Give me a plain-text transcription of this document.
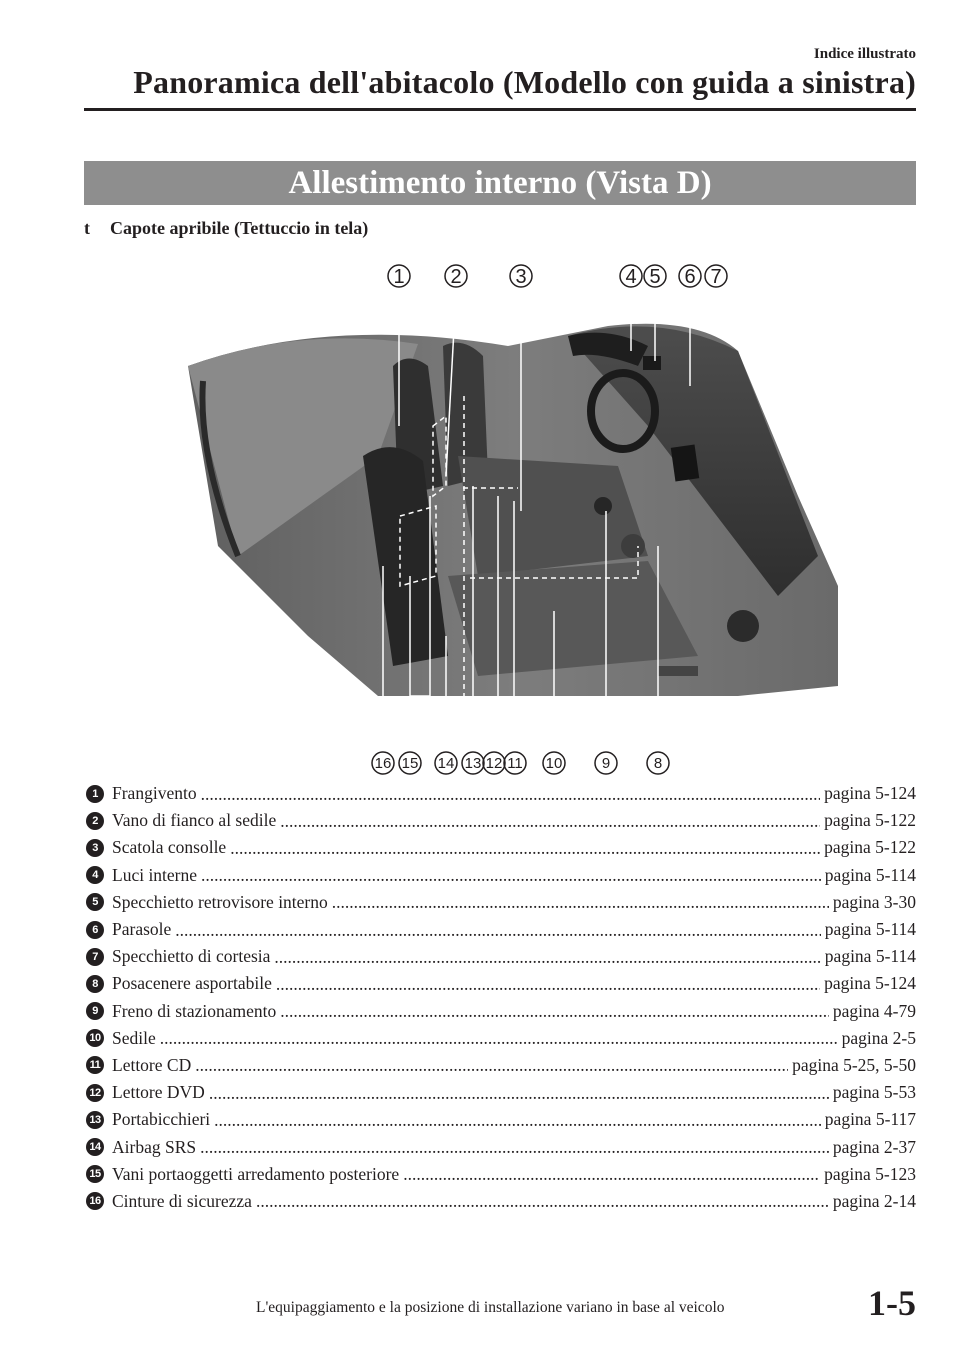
Indice illustrato
Panoramica dell'abitacolo (Modello con guida a sinistra)
Allestimento interno (Vista D)
t Capote apribile (Tettuccio in tela)
1 2	3	4 5 6 7
16 15 14 13 12 11 10	9	8
1 Frangivento .....	pagina 5-124
2 Vano di fianco al sedile .....	pagina 5-122
3 Scatola consolle .....	pagina 5-122
4 Luci interne .....	pagina 5-114
5 Specchietto retrovisore interno .....	pagina 3-30
6 Parasole .....	pagina 5-114
7 Specchietto di cortesia .....	pagina 5-114
8 Posacenere asportabile .....	pagina 5-124
9 Freno di stazionamento .....	pagina 4-79
10 Sedile .....	pagina 2-5
11 Lettore CD .....	pagina 5-25, 5-50
12 Lettore DVD .....	pagina 5-53
13 Portabicchieri .....	pagina 5-117
14 Airbag SRS .....	pagina 2-37
15 Vani portaoggetti arredamento posteriore .....	pagina 5-123
16 Cinture di sicurezza .....	pagina 2-14
L'equipaggiamento e la posizione di installazione variano in base al veicolo	1-5
